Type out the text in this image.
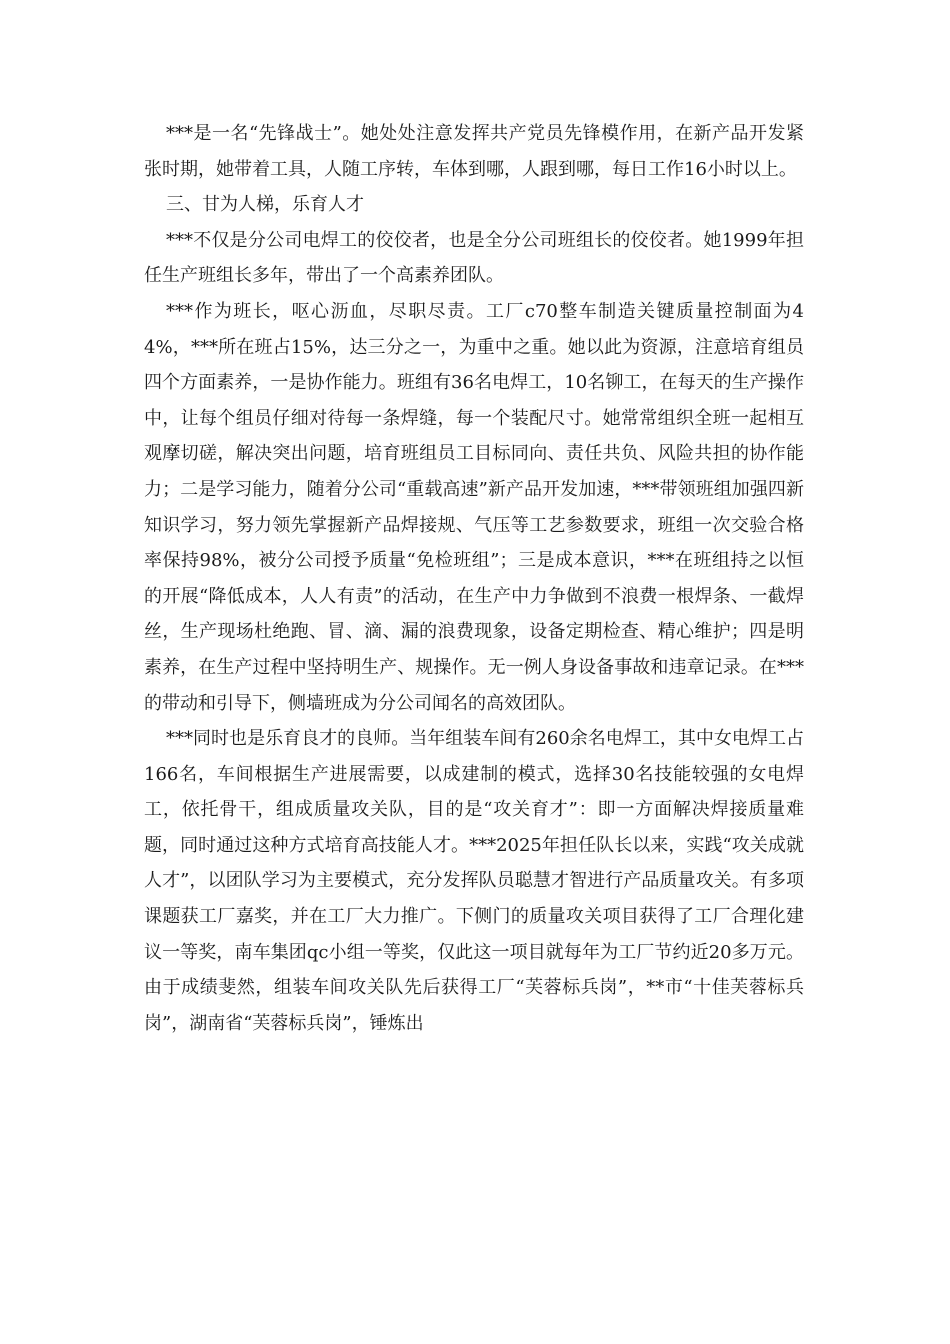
***是一名“先锋战士”。她处处注意发挥共产党员先锋模作用，在新产品开发紧张时期，她带着工具，人随工序转，车体到哪，人跟到哪，每日工作16小时以上。

三、甘为人梯，乐育人才

***不仅是分公司电焊工的佼佼者，也是全分公司班组长的佼佼者。她1999年担任生产班组长多年，带出了一个高素养团队。

***作为班长，呕心沥血，尽职尽责。工厂c70整车制造关键质量控制面为44%，***所在班占15%，达三分之一，为重中之重。她以此为资源，注意培育组员四个方面素养，一是协作能力。班组有36名电焊工，10名铆工，在每天的生产操作中，让每个组员仔细对待每一条焊缝，每一个装配尺寸。她常常组织全班一起相互观摩切磋，解决突出问题，培育班组员工目标同向、责任共负、风险共担的协作能力；二是学习能力，随着分公司“重载高速”新产品开发加速，***带领班组加强四新知识学习，努力领先掌握新产品焊接规、气压等工艺参数要求，班组一次交验合格率保持98%，被分公司授予质量“免检班组”；三是成本意识，***在班组持之以恒的开展“降低成本，人人有责”的活动，在生产中力争做到不浪费一根焊条、一截焊丝，生产现场杜绝跑、冒、滴、漏的浪费现象，设备定期检查、精心维护；四是明素养，在生产过程中坚持明生产、规操作。无一例人身设备事故和违章记录。在***的带动和引导下，侧墙班成为分公司闻名的高效团队。

***同时也是乐育良才的良师。当年组装车间有260余名电焊工，其中女电焊工占166名，车间根据生产进展需要，以成建制的模式，选择30名技能较强的女电焊工，依托骨干，组成质量攻关队，目的是“攻关育才”：即一方面解决焊接质量难题，同时通过这种方式培育高技能人才。***2025年担任队长以来，实践“攻关成就人才”，以团队学习为主要模式，充分发挥队员聪慧才智进行产品质量攻关。有多项课题获工厂嘉奖，并在工厂大力推广。下侧门的质量攻关项目获得了工厂合理化建议一等奖，南车集团qc小组一等奖，仅此这一项目就每年为工厂节约近20多万元。由于成绩斐然，组装车间攻关队先后获得工厂“芙蓉标兵岗”，**市“十佳芙蓉标兵岗”，湖南省“芙蓉标兵岗”，锤炼出
